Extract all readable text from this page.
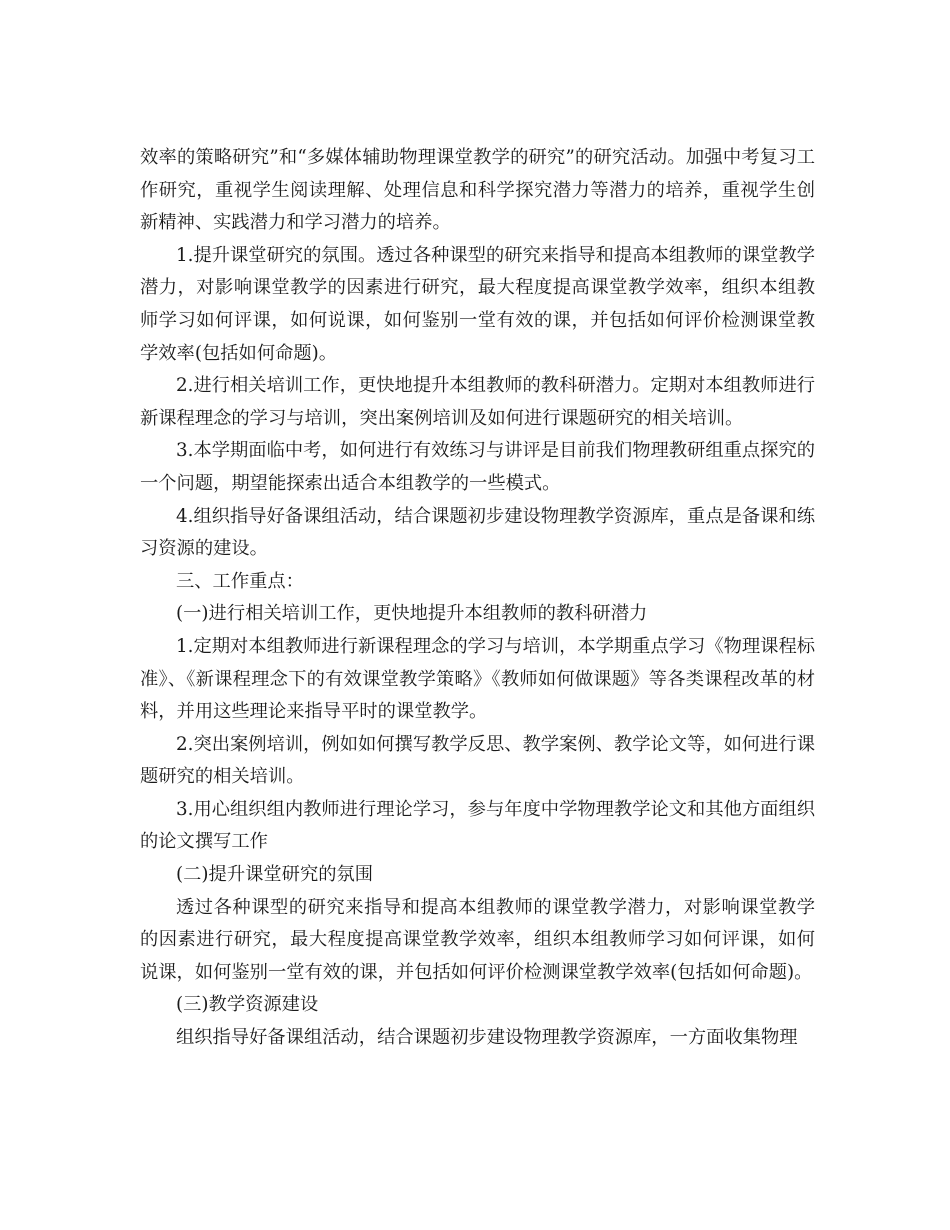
效率的策略研究”和“多媒体辅助物理课堂教学的研究”的研究活动。加强中考复习工作研究，重视学生阅读理解、处理信息和科学探究潜力等潜力的培养，重视学生创新精神、实践潜力和学习潜力的培养。

1.提升课堂研究的氛围。透过各种课型的研究来指导和提高本组教师的课堂教学潜力，对影响课堂教学的因素进行研究，最大程度提高课堂教学效率，组织本组教师学习如何评课，如何说课，如何鉴别一堂有效的课，并包括如何评价检测课堂教学效率(包括如何命题)。

2.进行相关培训工作，更快地提升本组教师的教科研潜力。定期对本组教师进行新课程理念的学习与培训，突出案例培训及如何进行课题研究的相关培训。

3.本学期面临中考，如何进行有效练习与讲评是目前我们物理教研组重点探究的一个问题，期望能探索出适合本组教学的一些模式。

4.组织指导好备课组活动，结合课题初步建设物理教学资源库，重点是备课和练习资源的建设。

三、工作重点：

(一)进行相关培训工作，更快地提升本组教师的教科研潜力

1.定期对本组教师进行新课程理念的学习与培训，本学期重点学习《物理课程标准》、《新课程理念下的有效课堂教学策略》《教师如何做课题》等各类课程改革的材料，并用这些理论来指导平时的课堂教学。

2.突出案例培训，例如如何撰写教学反思、教学案例、教学论文等，如何进行课题研究的相关培训。

3.用心组织组内教师进行理论学习，参与年度中学物理教学论文和其他方面组织的论文撰写工作

(二)提升课堂研究的氛围

透过各种课型的研究来指导和提高本组教师的课堂教学潜力，对影响课堂教学的因素进行研究，最大程度提高课堂教学效率，组织本组教师学习如何评课，如何说课，如何鉴别一堂有效的课，并包括如何评价检测课堂教学效率(包括如何命题)。

(三)教学资源建设

组织指导好备课组活动，结合课题初步建设物理教学资源库，一方面收集物理
